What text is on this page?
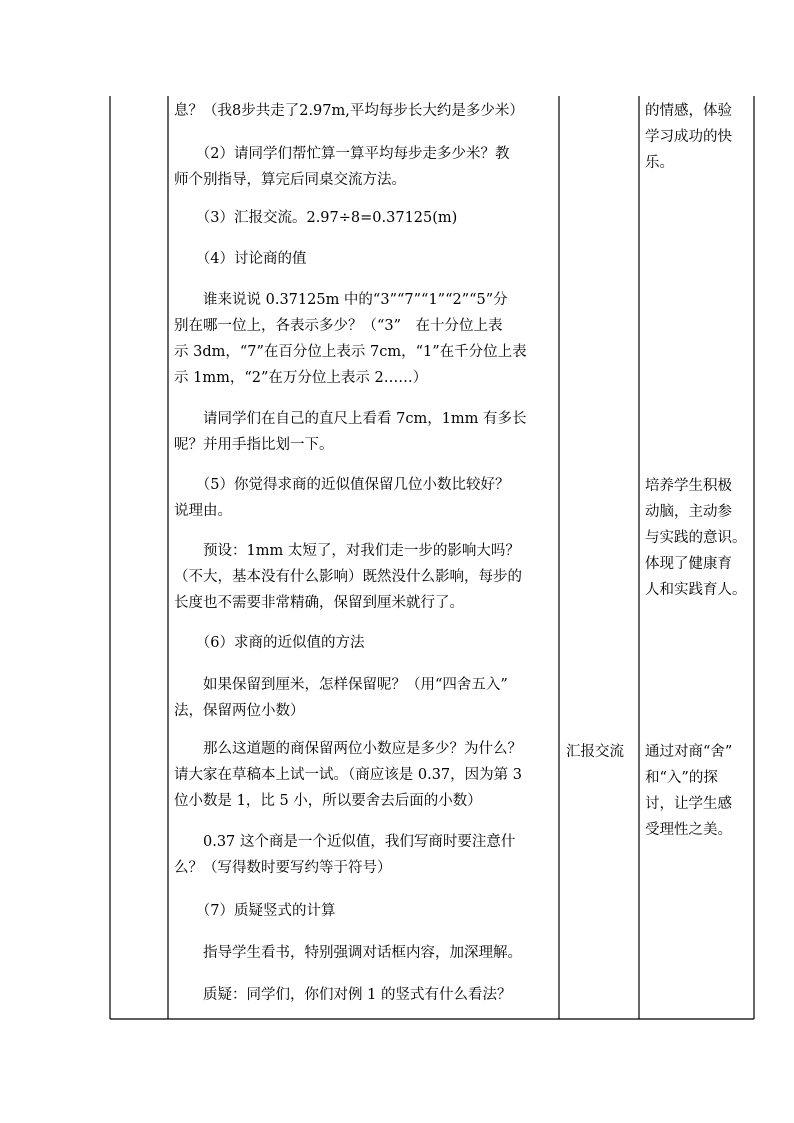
息？（我8步共走了2.97m,平均每步长大约是多少米）
　　（2）请同学们帮忙算一算平均每步走多少米？教
师个别指导，算完后同桌交流方法。
　　（3）汇报交流。2.97÷8=0.37125(m)
　　（4）讨论商的值
　　谁来说说 0.37125m 中的“3”“7”“1”“2”“5”分
别在哪一位上，各表示多少？（“3”　在十分位上表
示 3dm，“7”在百分位上表示 7cm，“1”在千分位上表
示 1mm，“2”在万分位上表示 2……）
　　请同学们在自己的直尺上看看 7cm，1mm 有多长
呢？并用手指比划一下。
　　（5）你觉得求商的近似值保留几位小数比较好？
说理由。
　　预设：1mm 太短了，对我们走一步的影响大吗？
（不大，基本没有什么影响）既然没什么影响，每步的
长度也不需要非常精确，保留到厘米就行了。
　　（6）求商的近似值的方法
　　如果保留到厘米，怎样保留呢？（用“四舍五入”
法，保留两位小数）
　　那么这道题的商保留两位小数应是多少？为什么？
请大家在草稿本上试一试。（商应该是 0.37，因为第 3
位小数是 1，比 5 小，所以要舍去后面的小数）
　　0.37 这个商是一个近似值，我们写商时要注意什
么？（写得数时要写约等于符号）
　　（7）质疑竖式的计算
　　指导学生看书，特别强调对话框内容，加深理解。
　　质疑：同学们，你们对例 1 的竖式有什么看法？
汇报交流
的情感，体验
学习成功的快
乐。
培养学生积极
动脑，主动参
与实践的意识。
体现了健康育
人和实践育人。
通过对商“舍”
和“入”的探
讨，让学生感
受理性之美。
